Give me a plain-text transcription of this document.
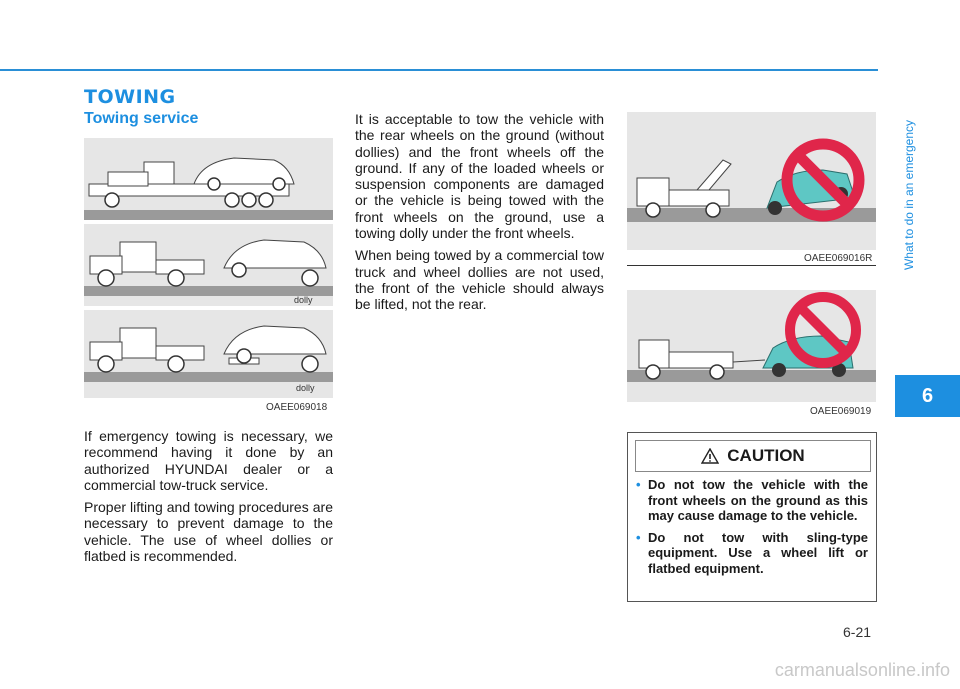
TOWING
Towing service
dolly
dolly
OAEE069018

If emergency towing is necessary, we recommend having it done by an authorized HYUNDAI dealer or a commercial tow-truck service.

Proper lifting and towing procedures are necessary to prevent damage to the vehicle. The use of wheel dollies or flatbed is recommended.

It is acceptable to tow the vehicle with the rear wheels on the ground (without dollies) and the front wheels off the ground. If any of the loaded wheels or suspension components are damaged or the vehicle is being towed with the front wheels on the ground, use a towing dolly under the front wheels.

When being towed by a commercial tow truck and wheel dollies are not used, the front of the vehicle should always be lifted, not the rear.

OAEE069016R
OAEE069019
CAUTION
• Do not tow the vehicle with the front wheels on the ground as this may cause damage to the vehicle.
• Do not tow with sling-type equipment. Use a wheel lift or flatbed equipment.
What to do in an emergency
6
6-21
carmanualsonline.info
